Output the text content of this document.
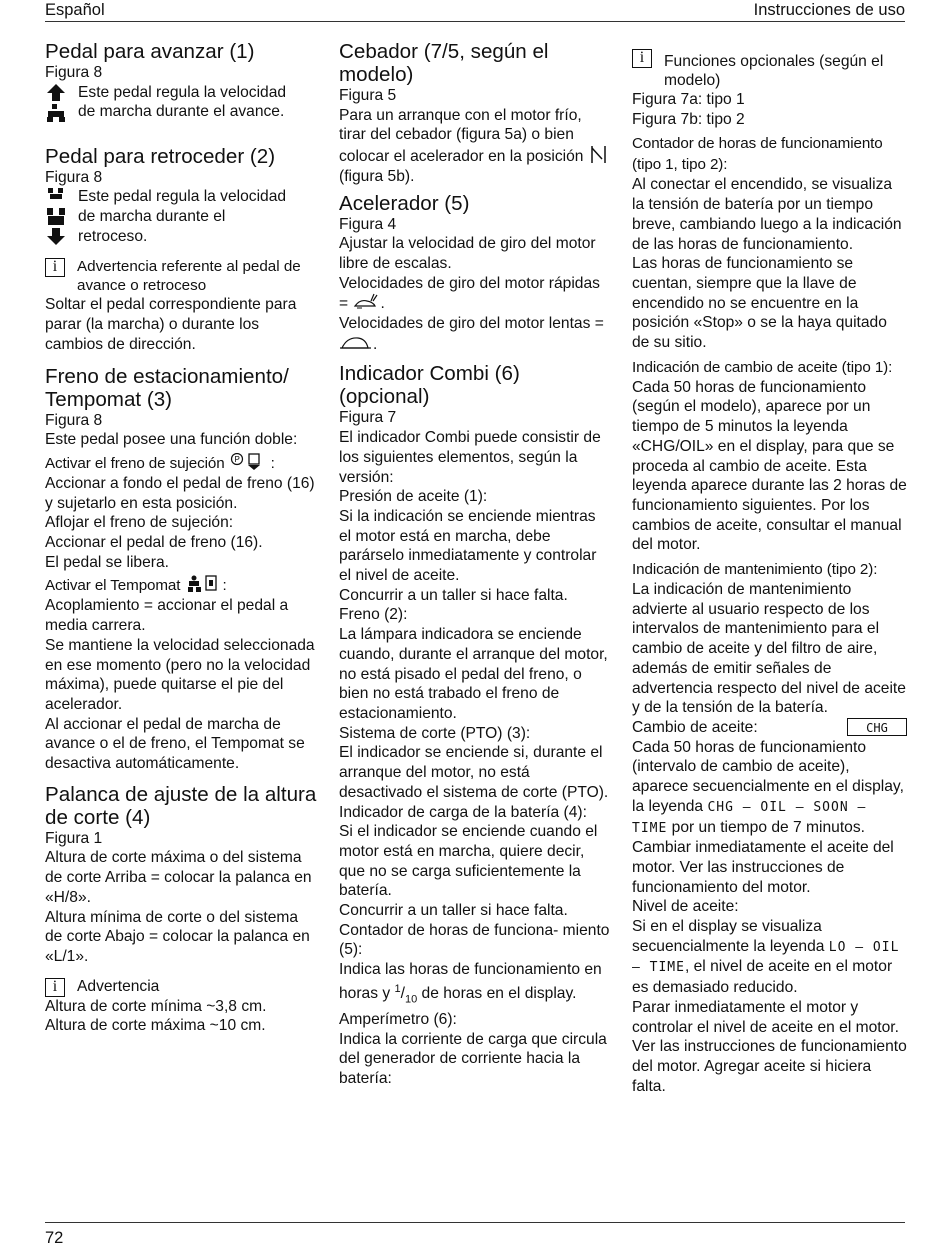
Español	Instrucciones de uso
Pedal para avanzar (1)

Figura 8

Este pedal regula la velocidad

de marcha durante el avance.

Pedal para retroceder (2)

Figura 8

Este pedal regula la velocidad

de marcha durante el

retroceso.

i	Advertencia referente al pedal de avance o retroceso

Soltar el pedal correspondiente para parar (la marcha) o durante los cambios de dirección.

Freno de estacionamiento/ Tempomat (3)

Figura 8

Este pedal posee una función doble:

Activar el freno de sujeción P :

Accionar a fondo el pedal de freno (16) y sujetarlo en esta posición.

Aflojar el freno de sujeción:

Accionar el pedal de freno (16).

El pedal se libera.

Activar el Tempomat	:

Acoplamiento = accionar el pedal a media carrera.

Se mantiene la velocidad seleccionada en ese momento (pero no la velocidad máxima), puede quitarse el pie del acelerador.

Al accionar el pedal de marcha de avance o el de freno, el Tempomat se desactiva automáticamente.

Palanca de ajuste de la altura de corte (4)

Figura 1

Altura de corte máxima o del sistema de corte Arriba = colocar la palanca en «H/8».

Altura mínima de corte o del sistema de corte Abajo = colocar la palanca en «L/1».

i	Advertencia

Altura de corte mínima ~3,8 cm.

Altura de corte máxima ~10 cm.

Cebador (7/5, según el modelo)

Figura 5

Para un arranque con el motor frío, tirar del cebador (figura 5a) o bien colocar el acelerador en la posición  (figura 5b).

Acelerador (5)

Figura 4

Ajustar la velocidad de giro del motor libre de escalas.

Velocidades de giro del motor rápidas = .

Velocidades de giro del motor lentas = .

Indicador Combi (6) (opcional)

Figura 7

El indicador Combi puede consistir de los siguientes elementos, según la versión:

Presión de aceite (1):

Si la indicación se enciende mientras el motor está en marcha, debe parárselo inmediatamente y controlar el nivel de aceite.

Concurrir a un taller si hace falta.

Freno (2):

La lámpara indicadora se enciende cuando, durante el arranque del motor, no está pisado el pedal del freno, o bien no está trabado el freno de estacionamiento.

Sistema de corte (PTO) (3):

El indicador se enciende si, durante el arranque del motor, no está desactivado el sistema de corte (PTO).

Indicador de carga de la batería (4):

Si el indicador se enciende cuando el motor está en marcha, quiere decir, que no se carga suficientemente la batería.

Concurrir a un taller si hace falta.

Contador de horas de funciona- miento (5):

Indica las horas de funcionamiento en horas y $^1/_{10}$ de horas en el display.

Amperímetro (6):

Indica la corriente de carga que circula del generador de corriente hacia la batería:

i	Funciones opcionales (según el modelo)

Figura 7a: tipo 1

Figura 7b: tipo 2

Contador de horas de funcionamiento (tipo 1, tipo 2):

Al conectar el encendido, se visualiza la tensión de batería por un tiempo breve, cambiando luego a la indicación de las horas de funcionamiento.

Las horas de funcionamiento se cuentan, siempre que la llave de encendido no se encuentre en la posición «Stop» o se la haya quitado de su sitio.

Indicación de cambio de aceite (tipo 1):

Cada 50 horas de funcionamiento (según el modelo), aparece por un tiempo de 5 minutos la leyenda «CHG/OIL» en el display, para que se proceda al cambio de aceite. Esta leyenda aparece durante las 2 horas de funcionamiento siguientes. Por los cambios de aceite, consultar el manual del motor.

Indicación de mantenimiento (tipo 2):

La indicación de mantenimiento advierte al usuario respecto de los intervalos de mantenimiento para el cambio de aceite y del filtro de aire, además de emitir señales de advertencia respecto del nivel de aceite y de la tensión de la batería.

Cambio de aceite:	CHG

Cada 50 horas de funcionamiento (intervalo de cambio de aceite), aparece secuencialmente en el display, la leyenda CHG – OIL – SOON – TIME por un tiempo de 7 minutos.

Cambiar inmediatamente el aceite del motor. Ver las instrucciones de funcionamiento del motor.

Nivel de aceite:

Si en el display se visualiza secuencialmente la leyenda LO – OIL – TIME, el nivel de aceite en el motor es demasiado reducido.

Parar inmediatamente el motor y controlar el nivel de aceite en el motor. Ver las instrucciones de funcionamiento del motor. Agregar aceite si hiciera falta.

72
